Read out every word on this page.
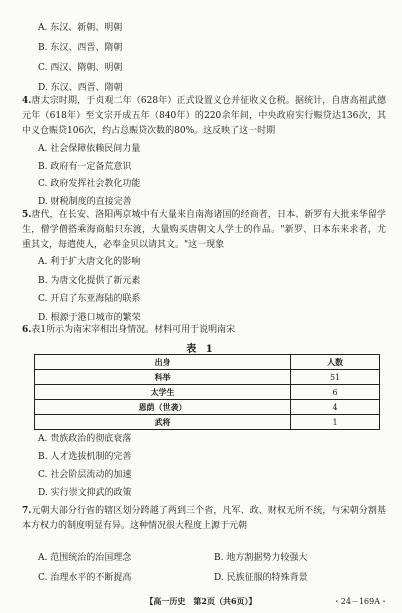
A. 东汉、新朝、明朝
B. 东汉、西晋、隋朝
C. 西汉、隋朝、明朝
D. 东汉、西晋、隋朝
4.唐太宗时期，于贞观二年（628年）正式设置义仓并征收义仓税。据统计，自唐高祖武德元年（618年）至文宗开成五年（840年）的220余年间，中央政府实行赈贷达136次，其中义仓赈贷106次，约占总赈贷次数的80%。这反映了这一时期
A. 社会保障依赖民间力量
B. 政府有一定备荒意识
C. 政府发挥社会教化功能
D. 财税制度的直接完善
5.唐代，在长安、洛阳两京城中有大量来自南海诸国的经商者，日本、新罗有大批来华留学生，僧学僧搭乘海商船只东渡，大量购买唐朝文人学士的作品。"新罗、日本东来求者，尤重其文，每遣使人，必奉金贝以请其文。"这一现象
A. 利于扩大唐文化的影响
B. 为唐文化提供了新元素
C. 开启了东亚海陆的联系
D. 根源于港口城市的繁荣
6.表1所示为南宋宰相出身情况。材料可用于说明南宋
表 1
出身	人数
科举	51
太学生	6
恩荫（世袭）	4
武将	1
A. 贵族政治的彻底衰落
B. 人才选拔机制的完善
C. 社会阶层流动的加速
D. 实行崇文抑武的政策
7.元朝大部分行省的辖区划分跨越了两到三个省，凡军、政、财权无所不统，与宋朝分割基本方权力的制度明显有异。这种情况很大程度上源于元朝
A. 范围统治的治国理念	B. 地方割据势力较强大
C. 治理水平的不断提高	D. 民族征服的特殊背景
【高一历史　第2页（共6页）】	・24－169A・
